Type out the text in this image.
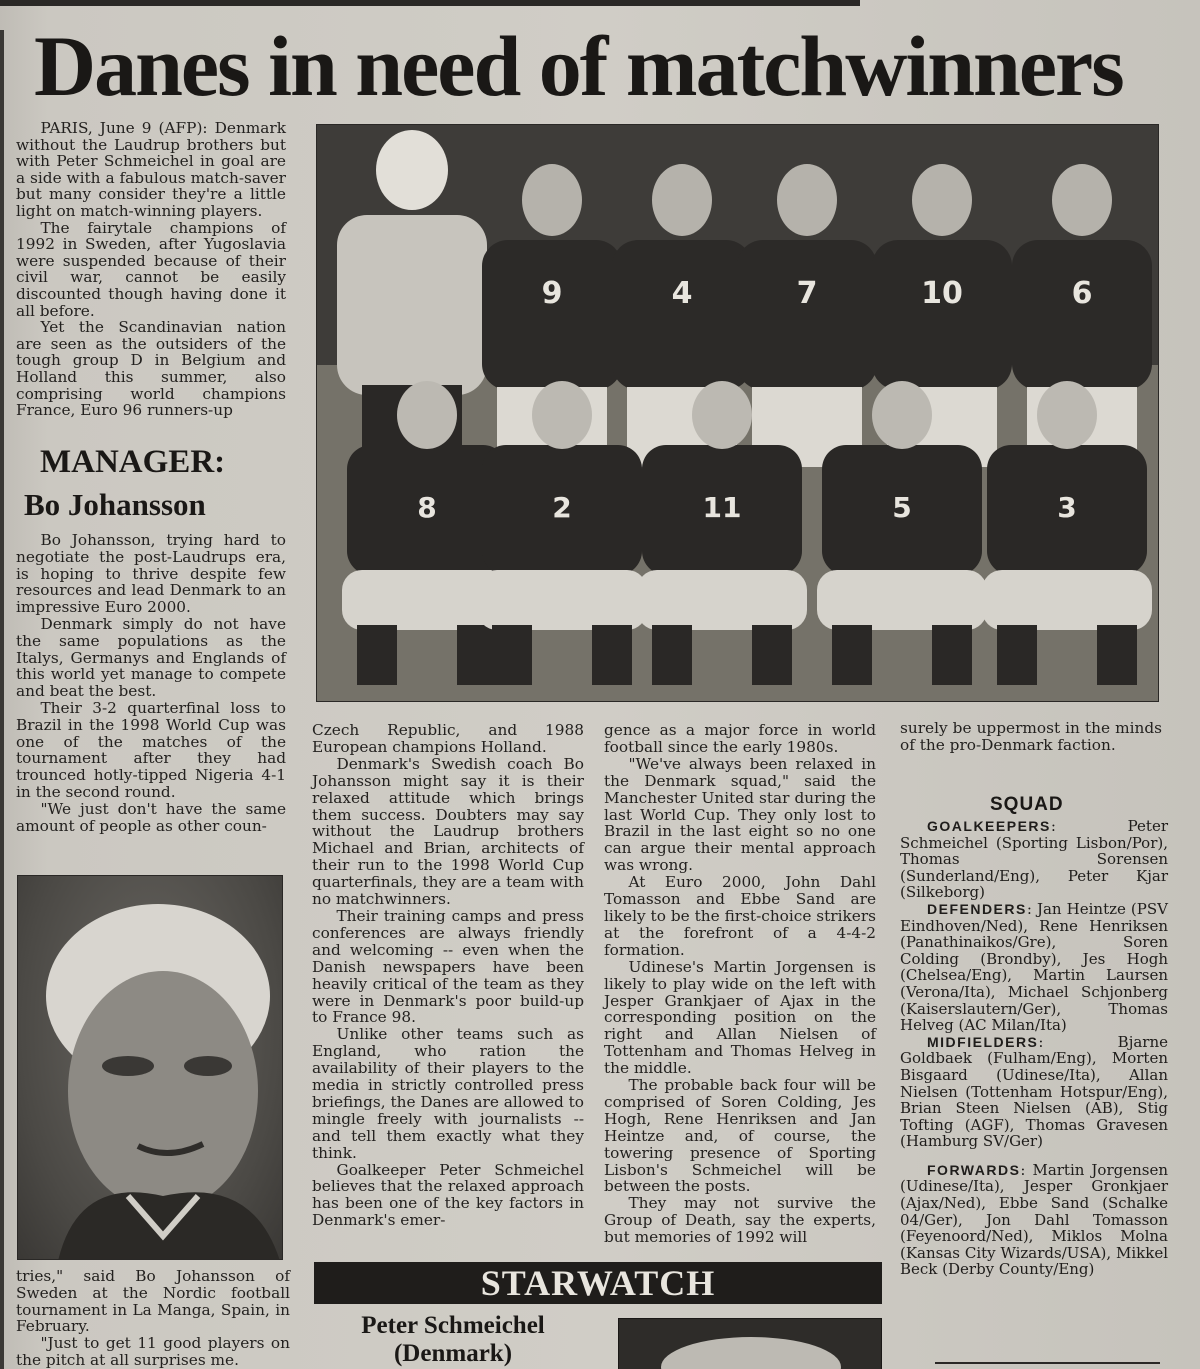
Danes in need of matchwinners

PARIS, June 9 (AFP): Denmark without the Laudrup brothers but with Peter Schmeichel in goal are a side with a fabulous match-saver but many consider they're a little light on match-winning players.

The fairytale champions of 1992 in Sweden, after Yugoslavia were suspended because of their civil war, cannot be easily discounted though having done it all before.

Yet the Scandinavian nation are seen as the outsiders of the tough group D in Belgium and Holland this summer, also comprising world champions France, Euro 96 runners-up

MANAGER:
Bo Johansson

Bo Johansson, trying hard to negotiate the post-Laudrups era, is hoping to thrive despite few resources and lead Denmark to an impressive Euro 2000.

Denmark simply do not have the same populations as the Italys, Germanys and Englands of this world yet manage to compete and beat the best.

Their 3-2 quarterfinal loss to Brazil in the 1998 World Cup was one of the matches of the tournament after they had trounced hotly-tipped Nigeria 4-1 in the second round.

"We just don't have the same amount of people as other coun-

tries," said Bo Johansson of Sweden at the Nordic football tournament in La Manga, Spain, in February.

"Just to get 11 good players on the pitch at all surprises me.

9	4	7	10	6
8	2	11	5	3

Czech Republic, and 1988 European champions Holland.

Denmark's Swedish coach Bo Johansson might say it is their relaxed attitude which brings them success. Doubters may say without the Laudrup brothers Michael and Brian, architects of their run to the 1998 World Cup quarterfinals, they are a team with no matchwinners.

Their training camps and press conferences are always friendly and welcoming -- even when the Danish newspapers have been heavily critical of the team as they were in Denmark's poor build-up to France 98.

Unlike other teams such as England, who ration the availability of their players to the media in strictly controlled press briefings, the Danes are allowed to mingle freely with journalists -- and tell them exactly what they think.

Goalkeeper Peter Schmeichel believes that the relaxed approach has been one of the key factors in Denmark's emer-

gence as a major force in world football since the early 1980s.

"We've always been relaxed in the Denmark squad," said the Manchester United star during the last World Cup. They only lost to Brazil in the last eight so no one can argue their mental approach was wrong.

At Euro 2000, John Dahl Tomasson and Ebbe Sand are likely to be the first-choice strikers at the forefront of a 4-4-2 formation.

Udinese's Martin Jorgensen is likely to play wide on the left with Jesper Grankjaer of Ajax in the corresponding position on the right and Allan Nielsen of Tottenham and Thomas Helveg in the middle.

The probable back four will be comprised of Soren Colding, Jes Hogh, Rene Henriksen and Jan Heintze and, of course, the towering presence of Sporting Lisbon's Schmeichel will be between the posts.

They may not survive the Group of Death, say the experts, but memories of 1992 will

surely be uppermost in the minds of the pro-Denmark faction.

SQUAD

GOALKEEPERS: Peter Schmeichel (Sporting Lisbon/Por), Thomas Sorensen (Sunderland/Eng), Peter Kjar (Silkeborg)

DEFENDERS: Jan Heintze (PSV Eindhoven/Ned), Rene Henriksen (Panathinaikos/Gre), Soren Colding (Brondby), Jes Hogh (Chelsea/Eng), Martin Laursen (Verona/Ita), Michael Schjonberg (Kaiserslautern/Ger), Thomas Helveg (AC Milan/Ita)

MIDFIELDERS: Bjarne Goldbaek (Fulham/Eng), Morten Bisgaard (Udinese/Ita), Allan Nielsen (Tottenham Hotspur/Eng), Brian Steen Nielsen (AB), Stig Tofting (AGF), Thomas Gravesen (Hamburg SV/Ger)

FORWARDS: Martin Jorgensen (Udinese/Ita), Jesper Gronkjaer (Ajax/Ned), Ebbe Sand (Schalke 04/Ger), Jon Dahl Tomasson (Feyenoord/Ned), Miklos Molna (Kansas City Wizards/USA), Mikkel Beck (Derby County/Eng)

STARWATCH
Peter Schmeichel
(Denmark)
